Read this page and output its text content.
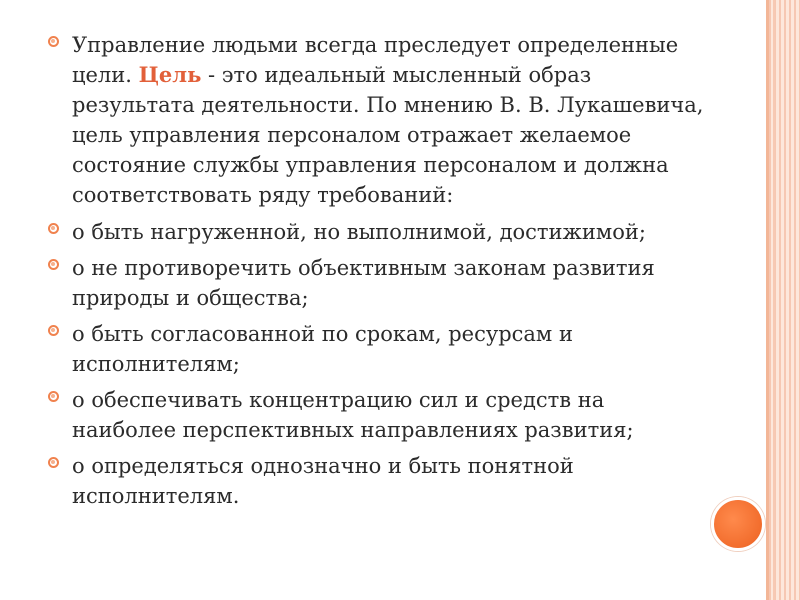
Управление людьми всегда преследует определенные цели. Цель - это идеальный мысленный образ результата деятельности. По мнению В. В. Лукашевича, цель управления персоналом отражает желаемое состояние службы управления персоналом и должна соответствовать ряду требований:
о быть нагруженной, но выполнимой, достижимой;
о не противоречить объективным законам развития природы и общества;
о быть согласованной по срокам, ресурсам и исполнителям;
о обеспечивать концентрацию сил и средств на наиболее перспективных направлениях развития;
о определяться однозначно и быть понятной исполнителям.
